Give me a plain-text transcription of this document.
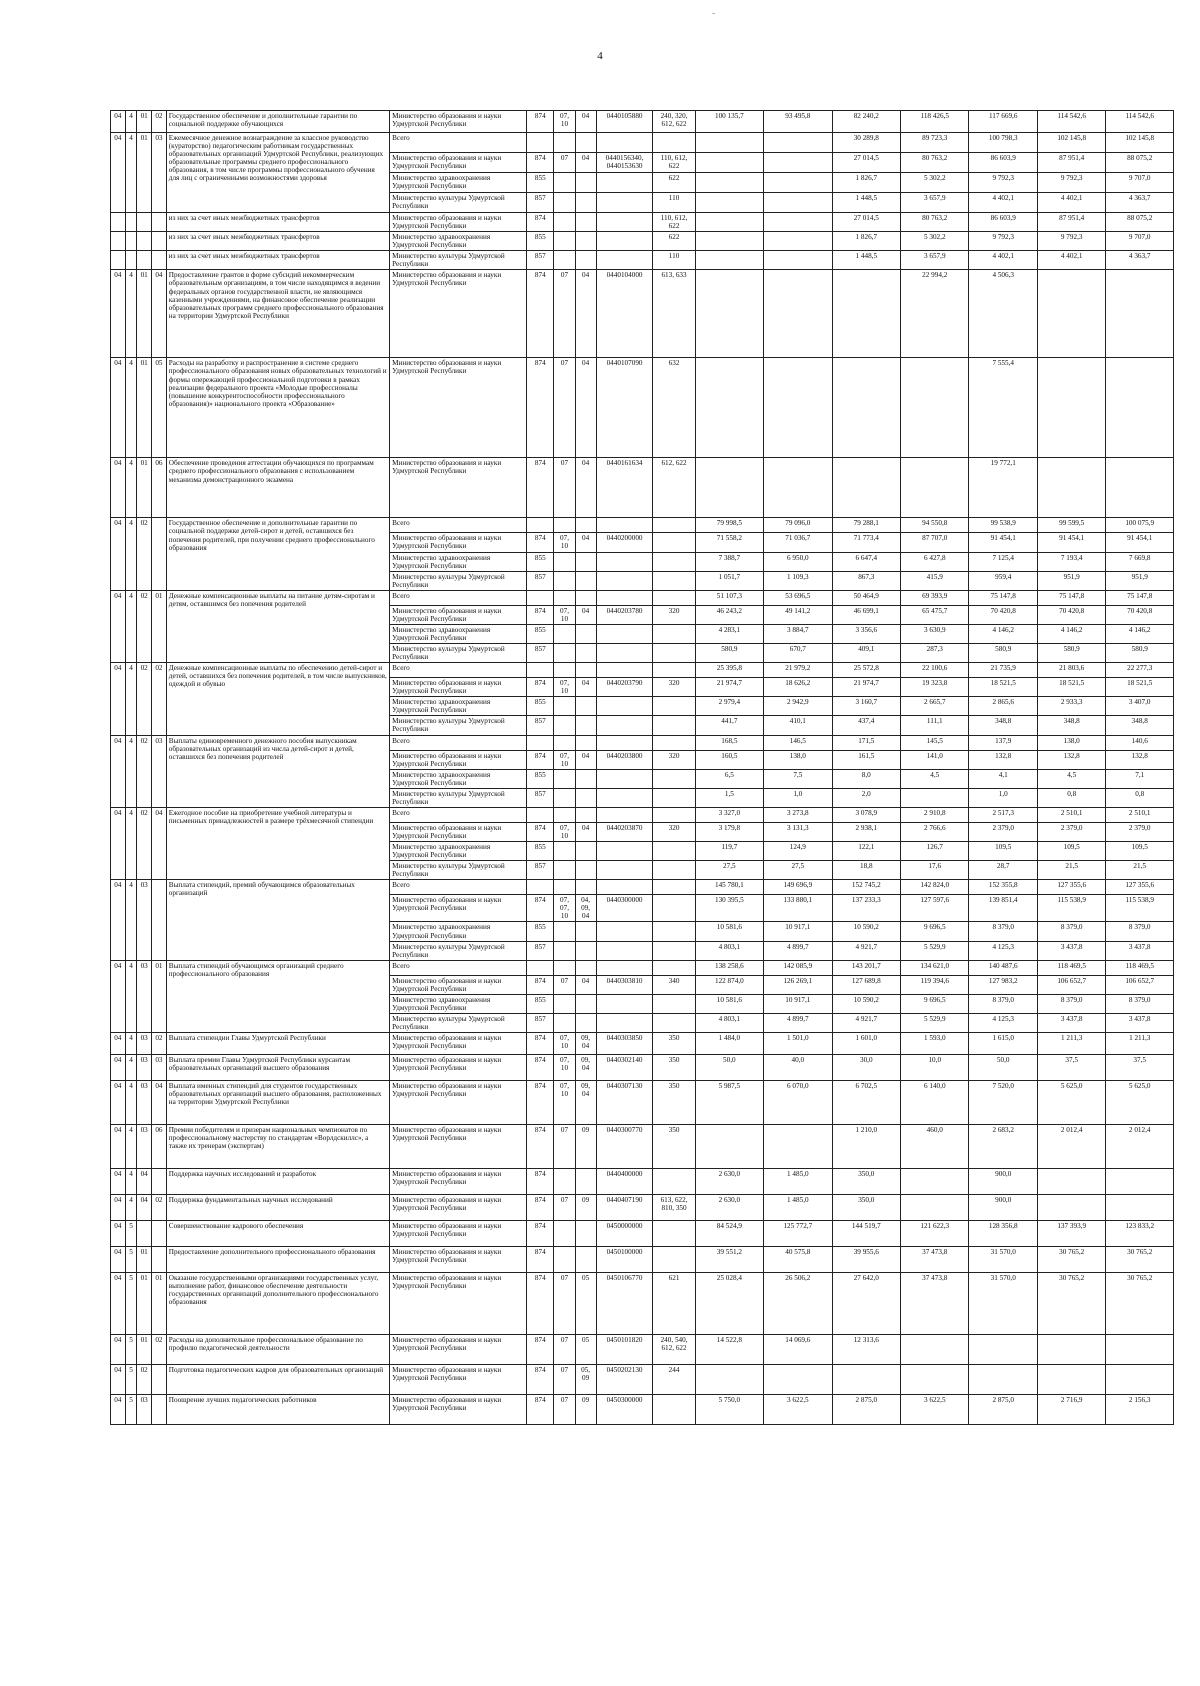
-
4
04	4	01	02	Государственное обеспечение и дополнительные гарантии по социальной поддержке обучающихся	Министерство образования и науки Удмуртской Республики	874	07, 10	04	0440105880	240, 320, 612, 622	100 135,7	93 495,8	82 240,2	118 426,5	117 669,6	114 542,6	114 542,6
04	4	01	03	Ежемесячное денежное вознаграждение за классное руководство (кураторство) педагогическим работникам государственных образовательных организаций Удмуртской Республики, реализующих образовательные программы среднего профессионального образования, в том числе программы профессионального обучения для лиц с ограниченными возможностями здоровья	Всего								30 289,8	89 723,3	100 798,3	102 145,8	102 145,8
					Министерство образования и науки Удмуртской Республики	874	07	04	0440156340, 0440153630	110, 612, 622			27 014,5	80 763,2	86 603,9	87 951,4	88 075,2
					Министерство здравоохранения Удмуртской Республики	855				622			1 826,7	5 302,2	9 792,3	9 792,3	9 707,0
					Министерство культуры Удмуртской Республики	857				110			1 448,5	3 657,9	4 402,1	4 402,1	4 363,7
				из них за счет иных межбюджетных трансфертов	Министерство образования и науки Удмуртской Республики	874				110, 612, 622			27 014,5	80 763,2	86 603,9	87 951,4	88 075,2
				из них за счет иных межбюджетных трансфертов	Министерство здравоохранения Удмуртской Республики	855				622			1 826,7	5 302,2	9 792,3	9 792,3	9 707,0
				из них за счет иных межбюджетных трансфертов	Министерство культуры Удмуртской Республики	857				110			1 448,5	3 657,9	4 402,1	4 402,1	4 363,7
04	4	01	04	Предоставление грантов в форме субсидий некоммерческим образовательным организациям, в том числе находящимся в ведении федеральных органов государственной власти, не являющимся казенными учреждениями, на финансовое обеспечение реализации образовательных программ среднего профессионального образования на территории Удмуртской Республики	Министерство образования и науки Удмуртской Республики	874	07	04	0440104000	613, 633				22 994,2	4 506,3		
04	4	01	05	Расходы на разработку и распространение в системе среднего профессионального образования новых образовательных технологий и формы опережающей профессиональной подготовки в рамках реализации федерального проекта «Молодые профессионалы (повышение конкурентоспособности профессионального образования)» национального проекта «Образование»	Министерство образования и науки Удмуртской Республики	874	07	04	0440107090	632					7 555,4		
04	4	01	06	Обеспечение проведения аттестации обучающихся по программам среднего профессионального образования с использованием механизма демонстрационного экзамена	Министерство образования и науки Удмуртской Республики	874	07	04	0440161634	612, 622					19 772,1		
04	4	02		Государственное обеспечение и дополнительные гарантии по социальной поддержке детей-сирот и детей, оставшихся без попечения родителей, при получении среднего профессионального образования	Всего						79 998,5	79 096,0	79 288,1	94 550,8	99 538,9	99 599,5	100 075,9
					Министерство образования и науки Удмуртской Республики	874	07, 10	04	0440200000		71 558,2	71 036,7	71 773,4	87 707,0	91 454,1	91 454,1	91 454,1
					Министерство здравоохранения Удмуртской Республики	855					7 388,7	6 950,0	6 647,4	6 427,8	7 125,4	7 193,4	7 669,8
					Министерство культуры Удмуртской Республики	857					1 051,7	1 109,3	867,3	415,9	959,4	951,9	951,9
04	4	02	01	Денежные компенсационные выплаты на питание детям-сиротам и детям, оставшимся без попечения родителей	Всего						51 107,3	53 696,5	50 464,9	69 393,9	75 147,8	75 147,8	75 147,8
					Министерство образования и науки Удмуртской Республики	874	07, 10	04	0440203780	320	46 243,2	49 141,2	46 699,1	65 475,7	70 420,8	70 420,8	70 420,8
					Министерство здравоохранения Удмуртской Республики	855					4 283,1	3 884,7	3 356,6	3 630,9	4 146,2	4 146,2	4 146,2
					Министерство культуры Удмуртской Республики	857					580,9	670,7	409,1	287,3	580,9	580,9	580,9
04	4	02	02	Денежные компенсационные выплаты по обеспечению детей-сирот и детей, оставшихся без попечения родителей, в том числе выпускников, одеждой и обувью	Всего						25 395,8	21 979,2	25 572,8	22 100,6	21 735,9	21 803,6	22 277,3
					Министерство образования и науки Удмуртской Республики	874	07, 10	04	0440203790	320	21 974,7	18 626,2	21 974,7	19 323,8	18 521,5	18 521,5	18 521,5
					Министерство здравоохранения Удмуртской Республики	855					2 979,4	2 942,9	3 160,7	2 665,7	2 865,6	2 933,3	3 407,0
					Министерство культуры Удмуртской Республики	857					441,7	410,1	437,4	111,1	348,8	348,8	348,8
04	4	02	03	Выплаты единовременного денежного пособия выпускникам образовательных организаций из числа детей-сирот и детей, оставшихся без попечения родителей	Всего						168,5	146,5	171,5	145,5	137,9	138,0	140,6
					Министерство образования и науки Удмуртской Республики	874	07, 10	04	0440203800	320	160,5	138,0	161,5	141,0	132,8	132,8	132,8
					Министерство здравоохранения Удмуртской Республики	855					6,5	7,5	8,0	4,5	4,1	4,5	7,1
					Министерство культуры Удмуртской Республики	857					1,5	1,0	2,0		1,0	0,8	0,8
04	4	02	04	Ежегодное пособие на приобретение учебной литературы и письменных принадлежностей в размере трёхмесячной стипендии	Всего						3 327,0	3 273,8	3 078,9	2 910,8	2 517,3	2 510,1	2 510,1
					Министерство образования и науки Удмуртской Республики	874	07, 10	04	0440203870	320	3 179,8	3 131,3	2 938,1	2 766,6	2 379,0	2 379,0	2 379,0
					Министерство здравоохранения Удмуртской Республики	855					119,7	124,9	122,1	126,7	109,5	109,5	109,5
					Министерство культуры Удмуртской Республики	857					27,5	27,5	18,8	17,6	28,7	21,5	21,5
04	4	03		Выплата стипендий, премий обучающимся образовательных организаций	Всего						145 780,1	149 696,9	152 745,2	142 824,0	152 355,8	127 355,6	127 355,6
					Министерство образования и науки Удмуртской Республики	874	07, 07, 10	04, 09, 04	0440300000		130 395,5	133 880,1	137 233,3	127 597,6	139 851,4	115 538,9	115 538,9
					Министерство здравоохранения Удмуртской Республики	855					10 581,6	10 917,1	10 590,2	9 696,5	8 379,0	8 379,0	8 379,0
					Министерство культуры Удмуртской Республики	857					4 803,1	4 899,7	4 921,7	5 529,9	4 125,3	3 437,8	3 437,8
04	4	03	01	Выплата стипендий обучающимся организаций среднего профессионального образования	Всего						138 258,6	142 085,9	143 201,7	134 621,0	140 487,6	118 469,5	118 469,5
					Министерство образования и науки Удмуртской Республики	874	07	04	0440303810	340	122 874,0	126 269,1	127 689,8	119 394,6	127 983,2	106 652,7	106 652,7
					Министерство здравоохранения Удмуртской Республики	855					10 581,6	10 917,1	10 590,2	9 696,5	8 379,0	8 379,0	8 379,0
					Министерство культуры Удмуртской Республики	857					4 803,1	4 899,7	4 921,7	5 529,9	4 125,3	3 437,8	3 437,8
04	4	03	02	Выплата стипендии Главы Удмуртской Республики	Министерство образования и науки Удмуртской Республики	874	07, 10	09, 04	0440303850	350	1 484,0	1 501,0	1 601,0	1 593,0	1 615,0	1 211,3	1 211,3
04	4	03	03	Выплата премии Главы Удмуртской Республики курсантам образовательных организаций высшего образования	Министерство образования и науки Удмуртской Республики	874	07, 10	09, 04	0440302140	350	50,0	40,0	30,0	10,0	50,0	37,5	37,5
04	4	03	04	Выплата именных стипендий для студентов государственных образовательных организаций высшего образования, расположенных на территории Удмуртской Республики	Министерство образования и науки Удмуртской Республики	874	07, 10	09, 04	0440307130	350	5 987,5	6 070,0	6 702,5	6 140,0	7 520,0	5 625,0	5 625,0
04	4	03	06	Премии победителям и призерам национальных чемпионатов по профессиональному мастерству по стандартам «Ворлдскиллс», а также их тренерам (экспертам)	Министерство образования и науки Удмуртской Республики	874	07	09	0440300770	350			1 210,0	460,0	2 683,2	2 012,4	2 012,4
04	4	04		Поддержка научных исследований и разработок	Министерство образования и науки Удмуртской Республики	874			0440400000		2 630,0	1 485,0	350,0		900,0		
04	4	04	02	Поддержка фундаментальных научных исследований	Министерство образования и науки Удмуртской Республики	874	07	09	0440407190	613, 622, 810, 350	2 630,0	1 485,0	350,0		900,0		
04	5			Совершенствование кадрового обеспечения	Министерство образования и науки Удмуртской Республики	874			0450000000		84 524,9	125 772,7	144 519,7	121 622,3	128 356,8	137 393,9	123 833,2
04	5	01		Предоставление дополнительного профессионального образования	Министерство образования и науки Удмуртской Республики	874			0450100000		39 551,2	40 575,8	39 955,6	37 473,8	31 570,0	30 765,2	30 765,2
04	5	01	01	Оказание государственными организациями государственных услуг, выполнение работ, финансовое обеспечение деятельности государственных организаций дополнительного профессионального образования	Министерство образования и науки Удмуртской Республики	874	07	05	0450106770	621	25 028,4	26 506,2	27 642,0	37 473,8	31 570,0	30 765,2	30 765,2
04	5	01	02	Расходы на дополнительное профессиональное образование по профилю педагогической деятельности	Министерство образования и науки Удмуртской Республики	874	07	05	0450101820	240, 540, 612, 622	14 522,8	14 069,6	12 313,6				
04	5	02		Подготовка педагогических кадров для образовательных организаций	Министерство образования и науки Удмуртской Республики	874	07	05, 09	0450202130	244							
04	5	03		Поощрение лучших педагогических работников	Министерство образования и науки Удмуртской Республики	874	07	09	0450300000		5 750,0	3 622,5	2 875,0	3 622,5	2 875,0	2 716,9	2 156,3
